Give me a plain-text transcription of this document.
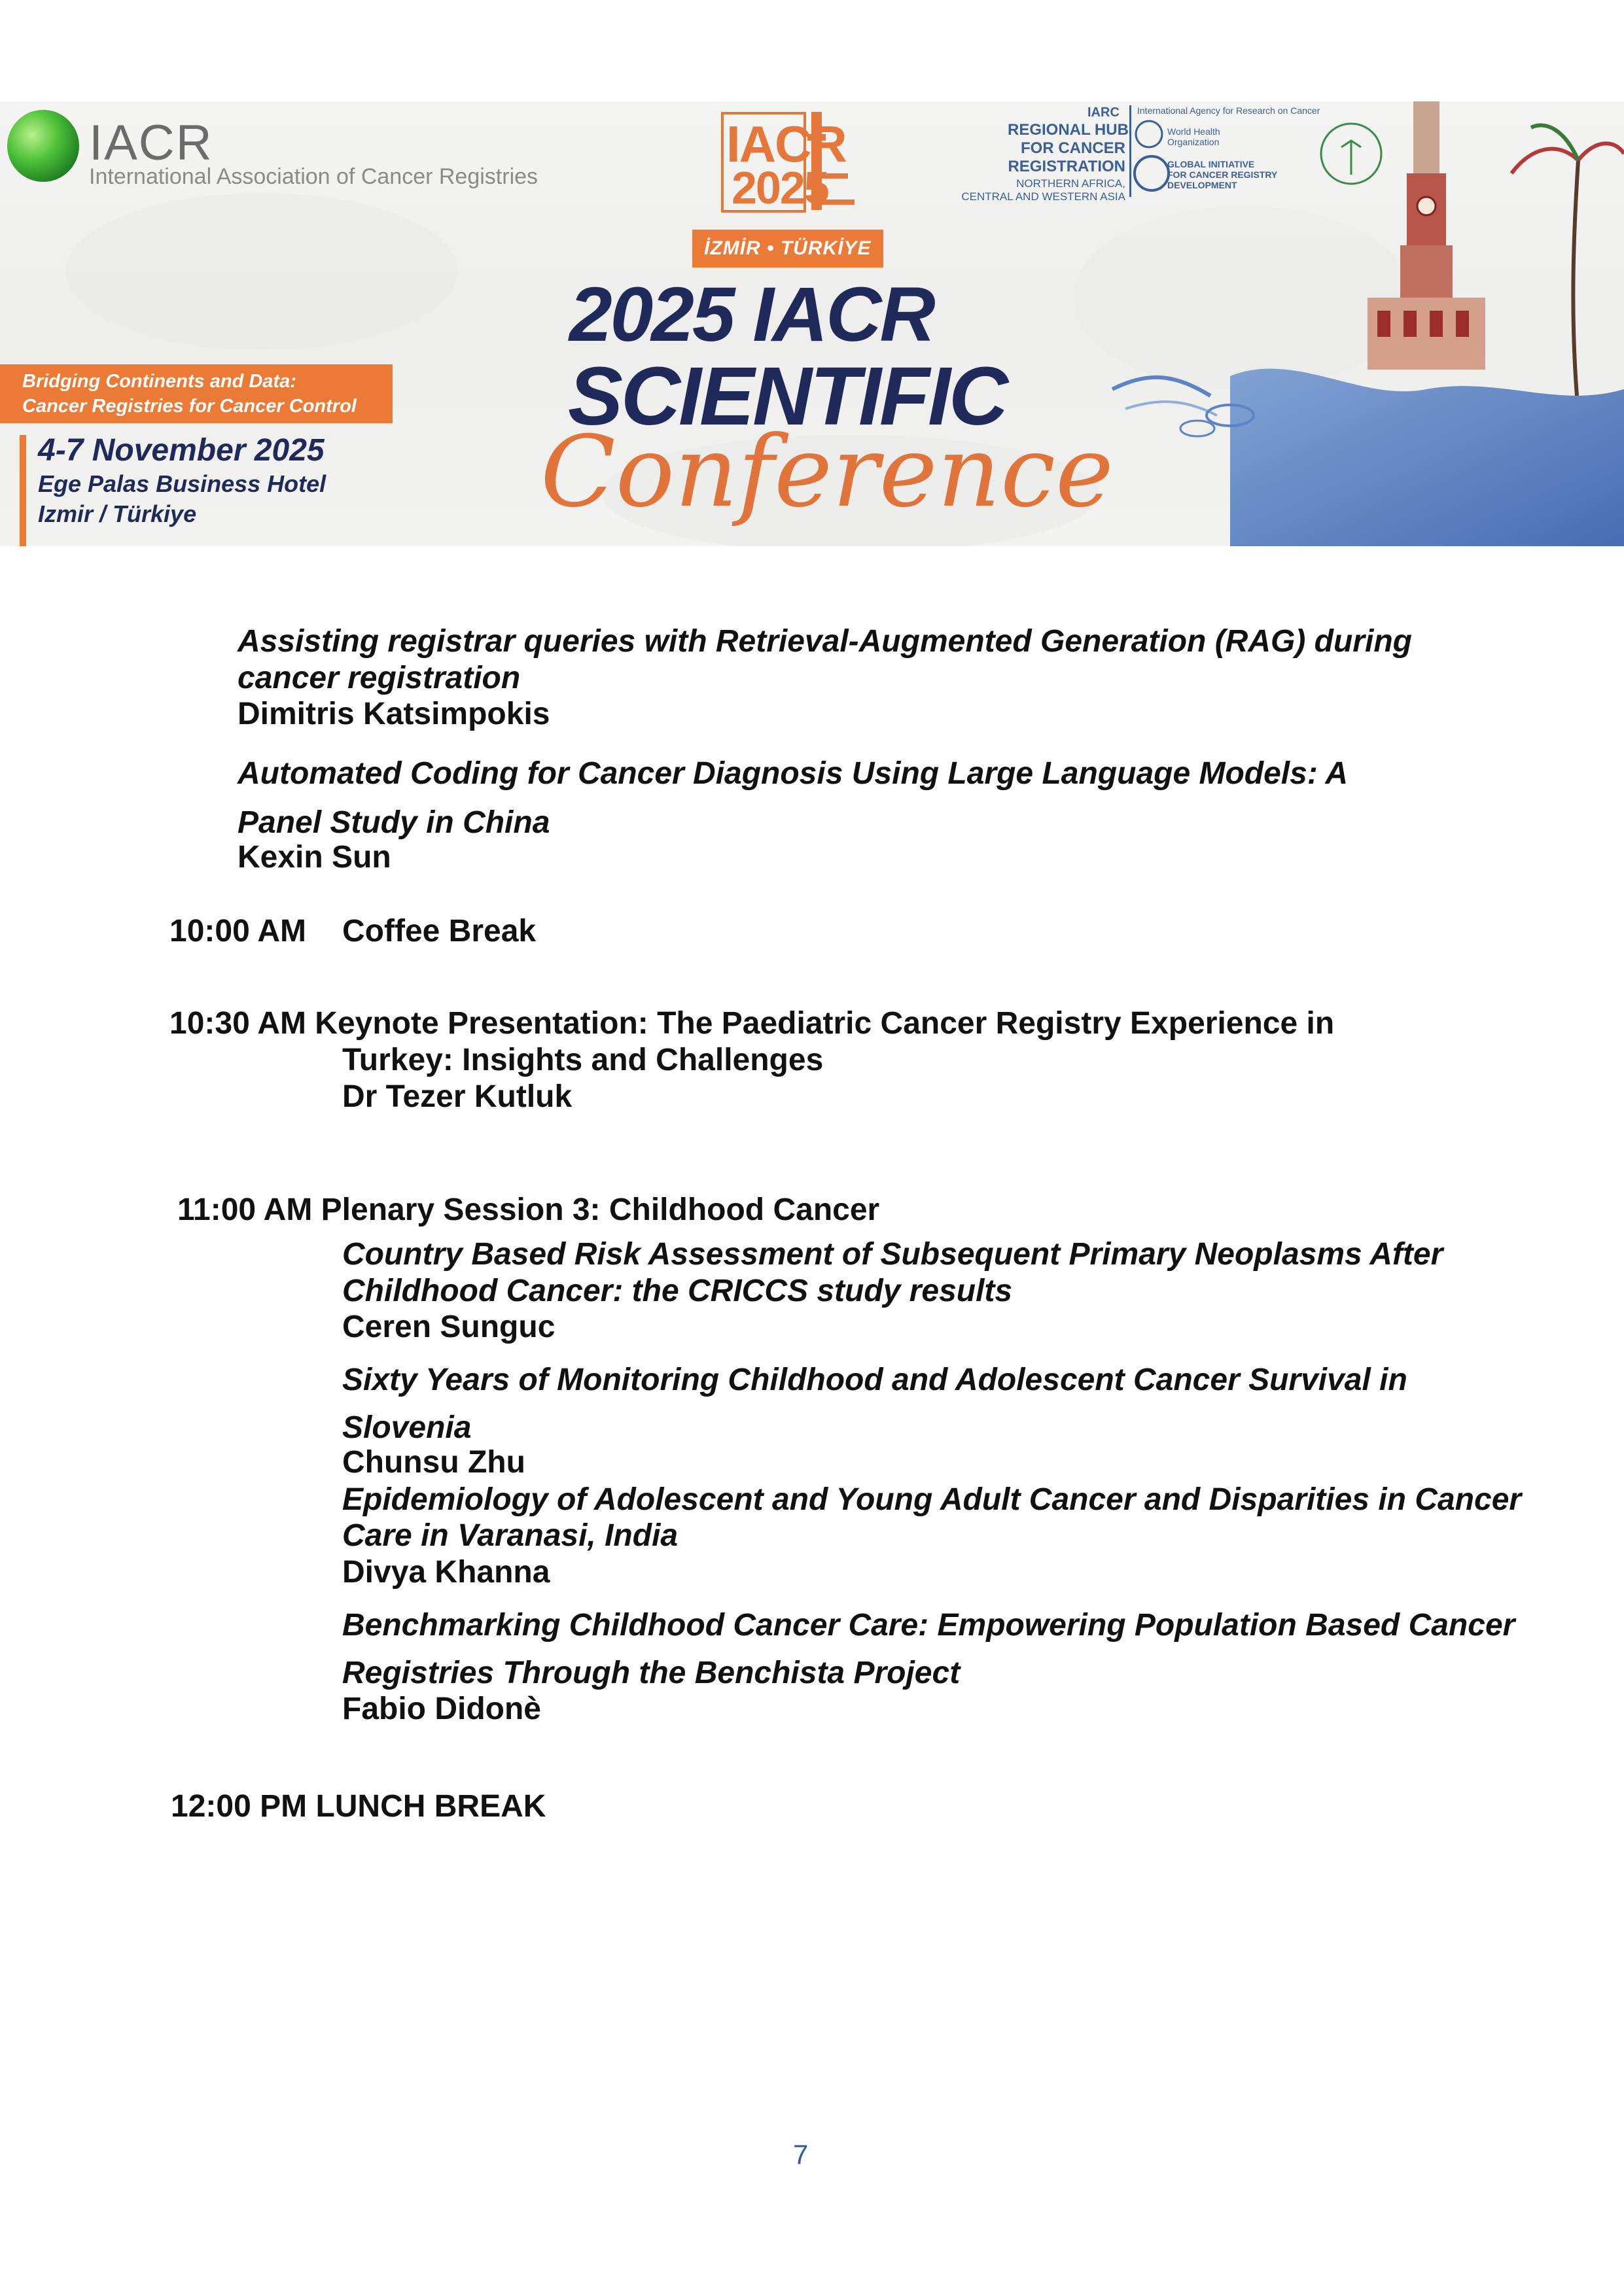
IACR
International Association of Cancer Registries
IACR
2025
İZMİR • TÜRKİYE
2025 IACR
SCIENTIFIC
Conference
Bridging Continents and Data:
Cancer Registries for Cancer Control
4-7 November 2025
Ege Palas Business Hotel
Izmir / Türkiye
IARC
REGIONAL HUB
FOR CANCER
REGISTRATION
NORTHERN AFRICA,
CENTRAL AND WESTERN ASIA
International Agency for Research on Cancer
World Health
Organization
GLOBAL INITIATIVE
FOR CANCER REGISTRY
DEVELOPMENT
Assisting registrar queries with Retrieval-Augmented Generation (RAG) during
cancer registration
Dimitris Katsimpokis
Automated Coding for Cancer Diagnosis Using Large Language Models: A
Panel Study in China
Kexin Sun
10:00 AM Coffee Break
10:30 AM Keynote Presentation: The Paediatric Cancer Registry Experience in
Turkey: Insights and Challenges
Dr Tezer Kutluk
11:00 AM Plenary Session 3: Childhood Cancer
Country Based Risk Assessment of Subsequent Primary Neoplasms After
Childhood Cancer: the CRICCS study results
Ceren Sunguc
Sixty Years of Monitoring Childhood and Adolescent Cancer Survival in
Slovenia
Chunsu Zhu
Epidemiology of Adolescent and Young Adult Cancer and Disparities in Cancer
Care in Varanasi, India
Divya Khanna
Benchmarking Childhood Cancer Care: Empowering Population Based Cancer
Registries Through the Benchista Project
Fabio Didonè
12:00 PM LUNCH BREAK
7
